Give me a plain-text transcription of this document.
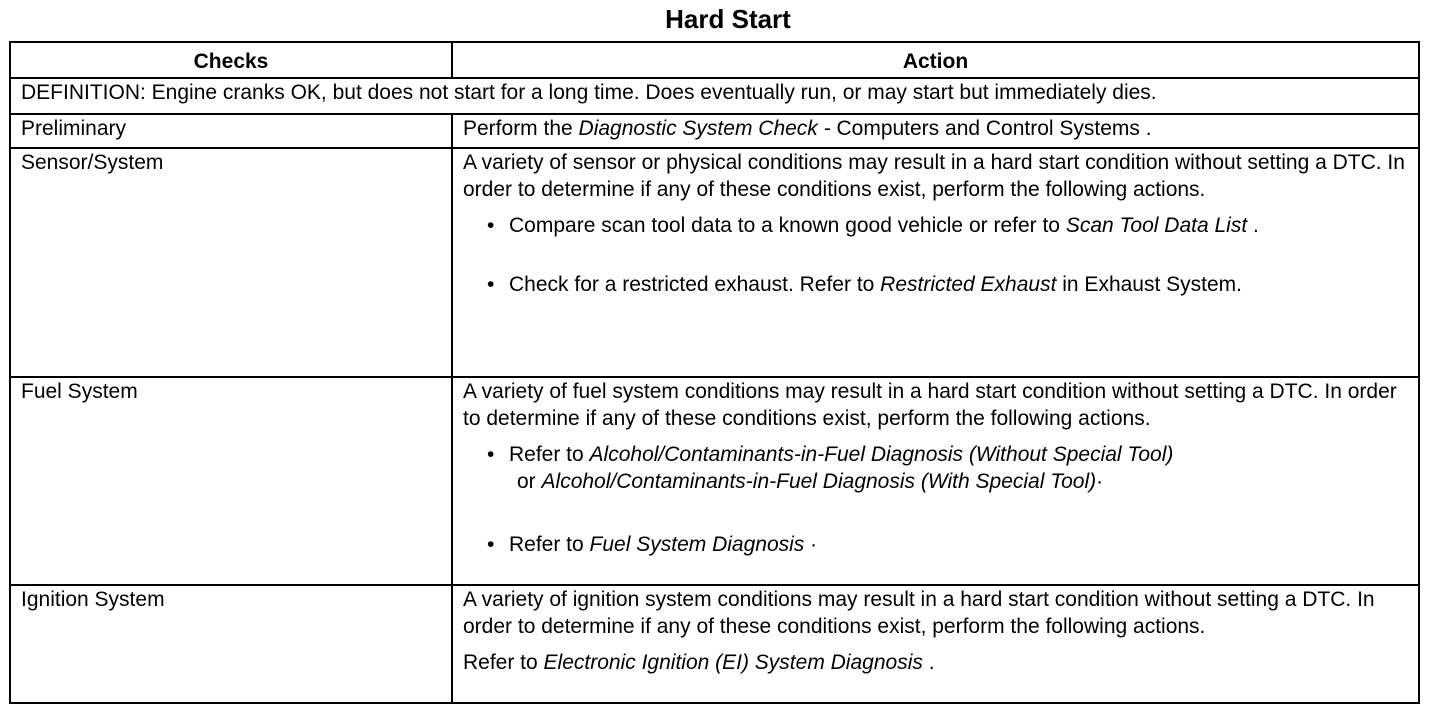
Hard Start
Checks	Action
DEFINITION: Engine cranks OK, but does not start for a long time. Does eventually run, or may start but immediately dies.	
Preliminary	Perform the Diagnostic System Check - Computers and Control Systems .
Sensor/System	A variety of sensor or physical conditions may result in a hard start condition without setting a DTC. In order to determine if any of these conditions exist, perform the following actions.
• Compare scan tool data to a known good vehicle or refer to Scan Tool Data List .
• Check for a restricted exhaust. Refer to Restricted Exhaust in Exhaust System.

Fuel System	A variety of fuel system conditions may result in a hard start condition without setting a DTC. In order to determine if any of these conditions exist, perform the following actions.
• Refer to Alcohol/Contaminants-in-Fuel Diagnosis (Without Special Tool)
or Alcohol/Contaminants-in-Fuel Diagnosis (With Special Tool)·
• Refer to Fuel System Diagnosis ·

Ignition System	A variety of ignition system conditions may result in a hard start condition without setting a DTC. In order to determine if any of these conditions exist, perform the following actions.
Refer to Electronic Ignition (EI) System Diagnosis .
